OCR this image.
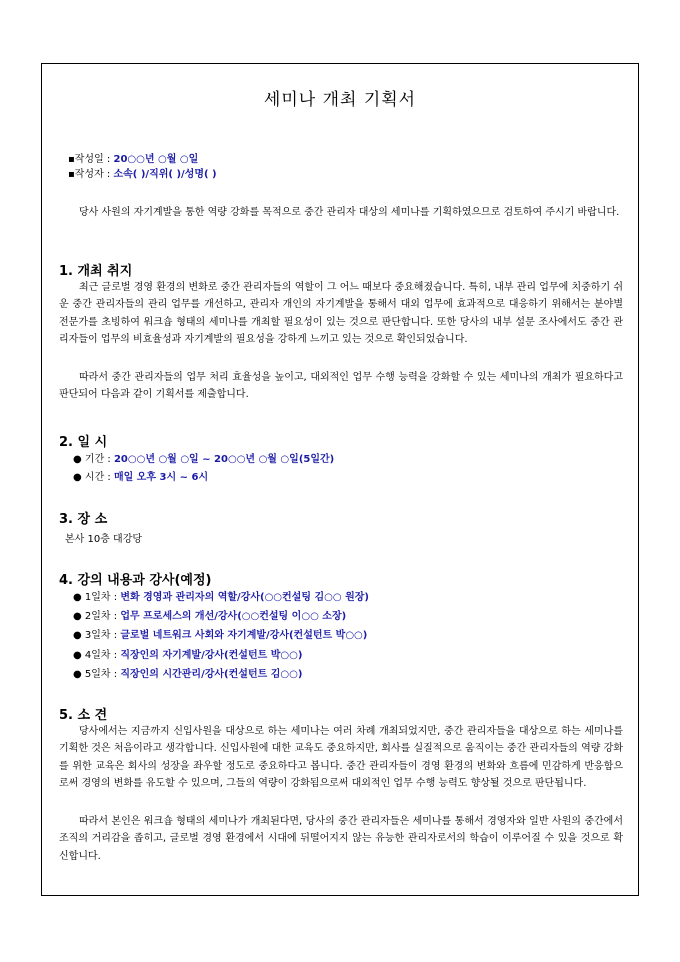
세미나 개최 기획서
▪작성일 : 20○○년 ○월 ○일
▪작성자 : 소속( )/직위( )/성명( )
당사 사원의 자기계발을 통한 역량 강화를 목적으로 중간 관리자 대상의 세미나를 기획하였으므로 검토하여 주시기 바랍니다.
1. 개최 취지
최근 글로벌 경영 환경의 변화로 중간 관리자들의 역할이 그 어느 때보다 중요해졌습니다. 특히, 내부 관리 업무에 치중하기 쉬운 중간 관리자들의 관리 업무를 개선하고, 관리자 개인의 자기계발을 통해서 대외 업무에 효과적으로 대응하기 위해서는 분야별 전문가를 초빙하여 워크숍 형태의 세미나를 개최할 필요성이 있는 것으로 판단합니다. 또한 당사의 내부 설문 조사에서도 중간 관리자들이 업무의 비효율성과 자기계발의 필요성을 강하게 느끼고 있는 것으로 확인되었습니다.
따라서 중간 관리자들의 업무 처리 효율성을 높이고, 대외적인 업무 수행 능력을 강화할 수 있는 세미나의 개최가 필요하다고 판단되어 다음과 같이 기획서를 제출합니다.
2. 일 시
● 기간 : 20○○년 ○월 ○일 ~ 20○○년 ○월 ○일(5일간)
● 시간 : 매일 오후 3시 ~ 6시
3. 장 소
본사 10층 대강당
4. 강의 내용과 강사(예정)
● 1일차 : 변화 경영과 관리자의 역할/강사(○○컨설팅 김○○ 원장)
● 2일차 : 업무 프로세스의 개선/강사(○○컨설팅 이○○ 소장)
● 3일차 : 글로벌 네트워크 사회와 자기계발/강사(컨설턴트 박○○)
● 4일차 : 직장인의 자기계발/강사(컨설턴트 박○○)
● 5일차 : 직장인의 시간관리/강사(컨설턴트 김○○)
5. 소 견
당사에서는 지금까지 신입사원을 대상으로 하는 세미나는 여러 차례 개최되었지만, 중간 관리자들을 대상으로 하는 세미나를 기획한 것은 처음이라고 생각합니다. 신입사원에 대한 교육도 중요하지만, 회사를 실질적으로 움직이는 중간 관리자들의 역량 강화를 위한 교육은 회사의 성장을 좌우할 정도로 중요하다고 봅니다. 중간 관리자들이 경영 환경의 변화와 흐름에 민감하게 반응함으로써 경영의 변화를 유도할 수 있으며, 그들의 역량이 강화됨으로써 대외적인 업무 수행 능력도 향상될 것으로 판단됩니다.
따라서 본인은 워크숍 형태의 세미나가 개최된다면, 당사의 중간 관리자들은 세미나를 통해서 경영자와 일반 사원의 중간에서 조직의 거리감을 좁히고, 글로벌 경영 환경에서 시대에 뒤떨어지지 않는 유능한 관리자로서의 학습이 이루어질 수 있을 것으로 확신합니다.
